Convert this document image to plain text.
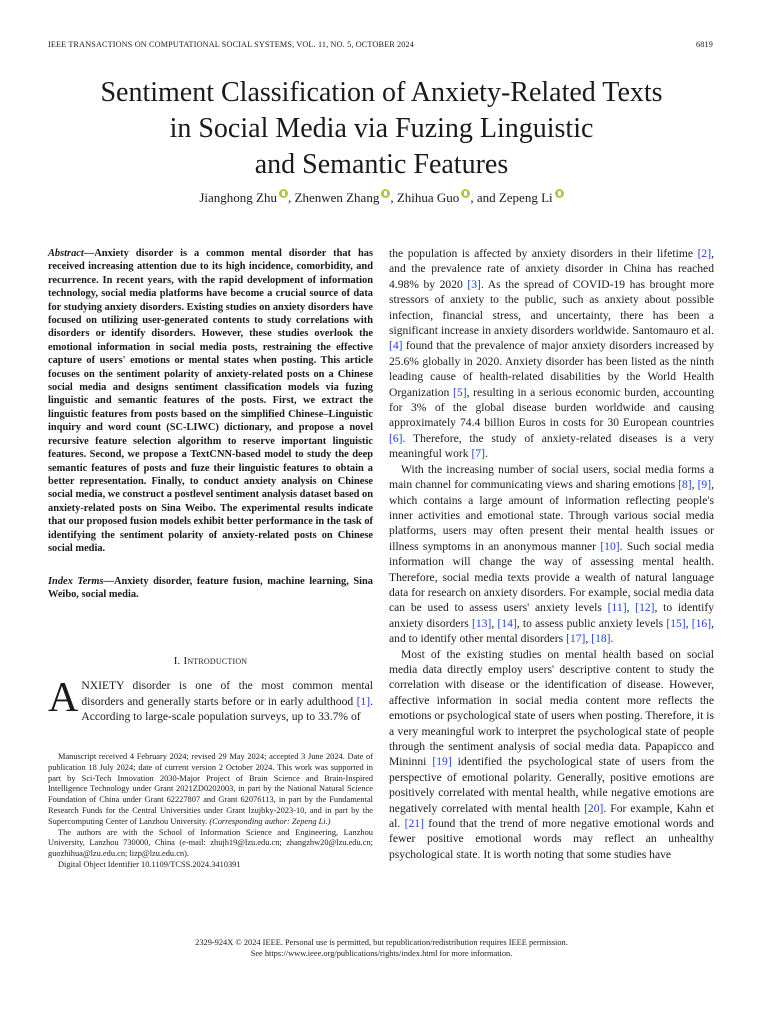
IEEE TRANSACTIONS ON COMPUTATIONAL SOCIAL SYSTEMS, VOL. 11, NO. 5, OCTOBER 2024	6819
Sentiment Classification of Anxiety-Related Texts
in Social Media via Fuzing Linguistic
and Semantic Features
Jianghong Zhu , Zhenwen Zhang , Zhihua Guo , and Zepeng Li
Abstract—Anxiety disorder is a common mental disorder that has received increasing attention due to its high incidence, comorbidity, and recurrence. In recent years, with the rapid development of information technology, social media platforms have become a crucial source of data for studying anxiety disorders. Existing studies on anxiety disorders have focused on utilizing user-generated contents to study correlations with disorders or identify disorders. However, these studies overlook the emotional information in social media posts, restraining the effective capture of users' emotions or mental states when posting. This article focuses on the sentiment polarity of anxiety-related posts on a Chinese social media and designs sentiment classification models via fuzing linguistic and semantic features of the posts. First, we extract the linguistic features from posts based on the simplified Chinese–Linguistic inquiry and word count (SC-LIWC) dictionary, and propose a novel recursive feature selection algorithm to reserve important linguistic features. Second, we propose a TextCNN-based model to study the deep semantic features of posts and fuze their linguistic features to obtain a better representation. Finally, to conduct anxiety analysis on Chinese social media, we construct a postlevel sentiment analysis dataset based on anxiety-related posts on Sina Weibo. The experimental results indicate that our proposed fusion models exhibit better performance in the task of identifying the sentiment polarity of anxiety-related posts on Chinese social media.
Index Terms—Anxiety disorder, feature fusion, machine learning, Sina Weibo, social media.
I. Introduction
ANXIETY disorder is one of the most common mental disorders and generally starts before or in early adulthood [1]. According to large-scale population surveys, up to 33.7% of

Manuscript received 4 February 2024; revised 29 May 2024; accepted 3 June 2024. Date of publication 18 July 2024; date of current version 2 October 2024. This work was supported in part by Sci-Tech Innovation 2030-Major Project of Brain Science and Brain-Inspired Intelligence Technology under Grant 2021ZD0202003, in part by the National Natural Science Foundation of China under Grant 62227807 and Grant 62076113, in part by the Fundamental Research Funds for the Central Universities under Grant lzujbky-2023-10, and in part by the Supercomputing Center of Lanzhou University. (Corresponding author: Zepeng Li.)

The authors are with the School of Information Science and Engineering, Lanzhou University, Lanzhou 730000, China (e-mail: zhujh19@lzu.edu.cn; zhangzhw20@lzu.edu.cn; guozhihua@lzu.edu.cn; lizp@lzu.edu.cn).

Digital Object Identifier 10.1109/TCSS.2024.3410391

the population is affected by anxiety disorders in their lifetime [2], and the prevalence rate of anxiety disorder in China has reached 4.98% by 2020 [3]. As the spread of COVID-19 has brought more stressors of anxiety to the public, such as anxiety about possible infection, financial stress, and uncertainty, there has been a significant increase in anxiety disorders worldwide. Santomauro et al. [4] found that the prevalence of major anxiety disorders increased by 25.6% globally in 2020. Anxiety disorder has been listed as the ninth leading cause of health-related disabilities by the World Health Organization [5], resulting in a serious economic burden, accounting for 3% of the global disease burden worldwide and causing approximately 74.4 billion Euros in costs for 30 European countries [6]. Therefore, the study of anxiety-related diseases is a very meaningful work [7].

With the increasing number of social users, social media forms a main channel for communicating views and sharing emotions [8], [9], which contains a large amount of information reflecting people's inner activities and emotional state. Through various social media platforms, users may often present their mental health issues or illness symptoms in an anonymous manner [10]. Such social media information will change the way of assessing mental health. Therefore, social media texts provide a wealth of natural language data for research on anxiety disorders. For example, social media data can be used to assess users' anxiety levels [11], [12], to identify anxiety disorders [13], [14], to assess public anxiety levels [15], [16], and to identify other mental disorders [17], [18].

Most of the existing studies on mental health based on social media data directly employ users' descriptive content to study the correlation with disease or the identification of disease. However, affective information in social media content more reflects the emotions or psychological state of users when posting. Therefore, it is a very meaningful work to interpret the psychological state of people through the sentiment analysis of social media data. Papapicco and Mininni [19] identified the psychological state of users from the perspective of emotional polarity. Generally, positive emotions are positively correlated with mental health, while negative emotions are negatively correlated with mental health [20]. For example, Kahn et al. [21] found that the trend of more negative emotional words and fewer positive emotional words may reflect an unhealthy psychological state. It is worth noting that some studies have

2329-924X © 2024 IEEE. Personal use is permitted, but republication/redistribution requires IEEE permission.
See https://www.ieee.org/publications/rights/index.html for more information.
